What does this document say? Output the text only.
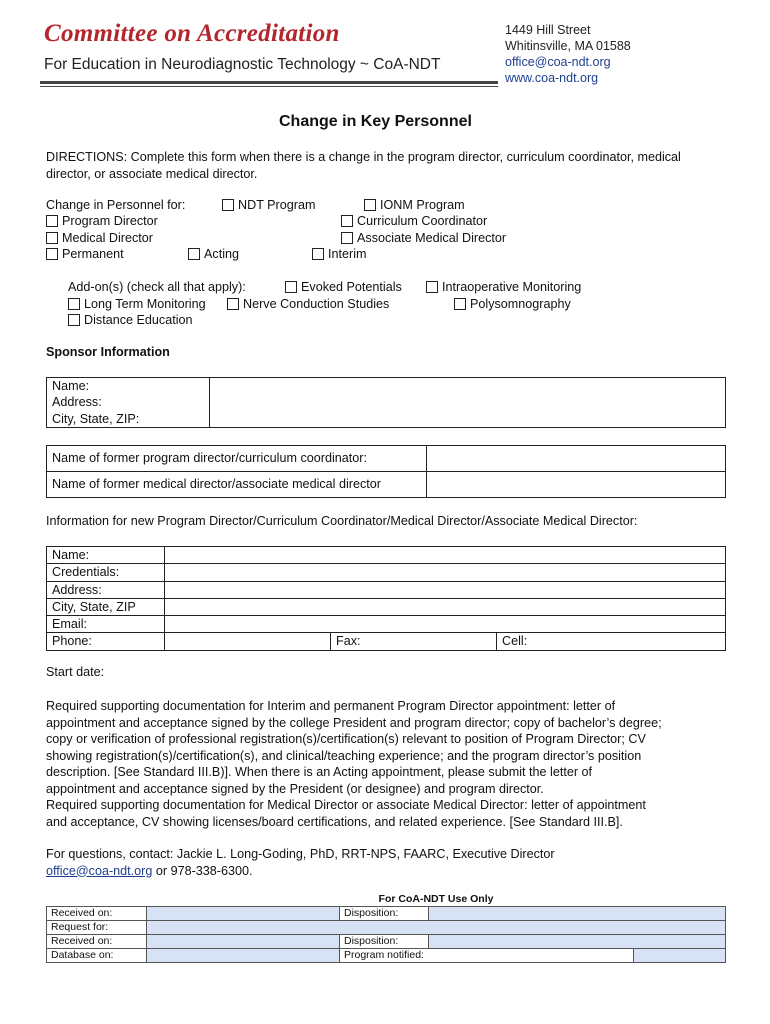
Committee on Accreditation
For Education in Neurodiagnostic Technology ~ CoA-NDT
1449 Hill Street
Whitinsville, MA 01588
office@coa-ndt.org
www.coa-ndt.org
Change in Key Personnel
DIRECTIONS: Complete this form when there is a change in the program director, curriculum coordinator, medical director, or associate medical director.
Change in Personnel for:	NDT Program	IONM Program
Program Director	Curriculum Coordinator
Medical Director	Associate Medical Director
Permanent	Acting	Interim
Add-on(s) (check all that apply):	Evoked Potentials	Intraoperative Monitoring
Long Term Monitoring	Nerve Conduction Studies	Polysomnography
Distance Education
Sponsor Information
Name:
Address:
City, State, ZIP:

Name of former program director/curriculum coordinator:	
Name of former medical director/associate medical director	
Information for new Program Director/Curriculum Coordinator/Medical Director/Associate Medical Director:
Name:			
Credentials:			
Address:			
City, State, ZIP			
Email:			
Phone:		Fax:	Cell:
Start date:
Required supporting documentation for Interim and permanent Program Director appointment: letter of
appointment and acceptance signed by the college President and program director; copy of bachelor’s degree;
copy or verification of professional registration(s)/certification(s) relevant to position of Program Director; CV
showing registration(s)/certification(s), and clinical/teaching experience; and the program director’s position
description. [See Standard III.B)]. When there is an Acting appointment, please submit the letter of
appointment and acceptance signed by the President (or designee) and program director.
Required supporting documentation for Medical Director or associate Medical Director: letter of appointment
and acceptance, CV showing licenses/board certifications, and related experience. [See Standard III.B].
For questions, contact: Jackie L. Long-Goding, PhD, RRT-NPS, FAARC, Executive Director
office@coa-ndt.org or 978-338-6300.
	For CoA-NDT Use Only			
Received on:		Disposition:		
Request for:				
Received on:		Disposition:		
Database on:		Program notified:		
